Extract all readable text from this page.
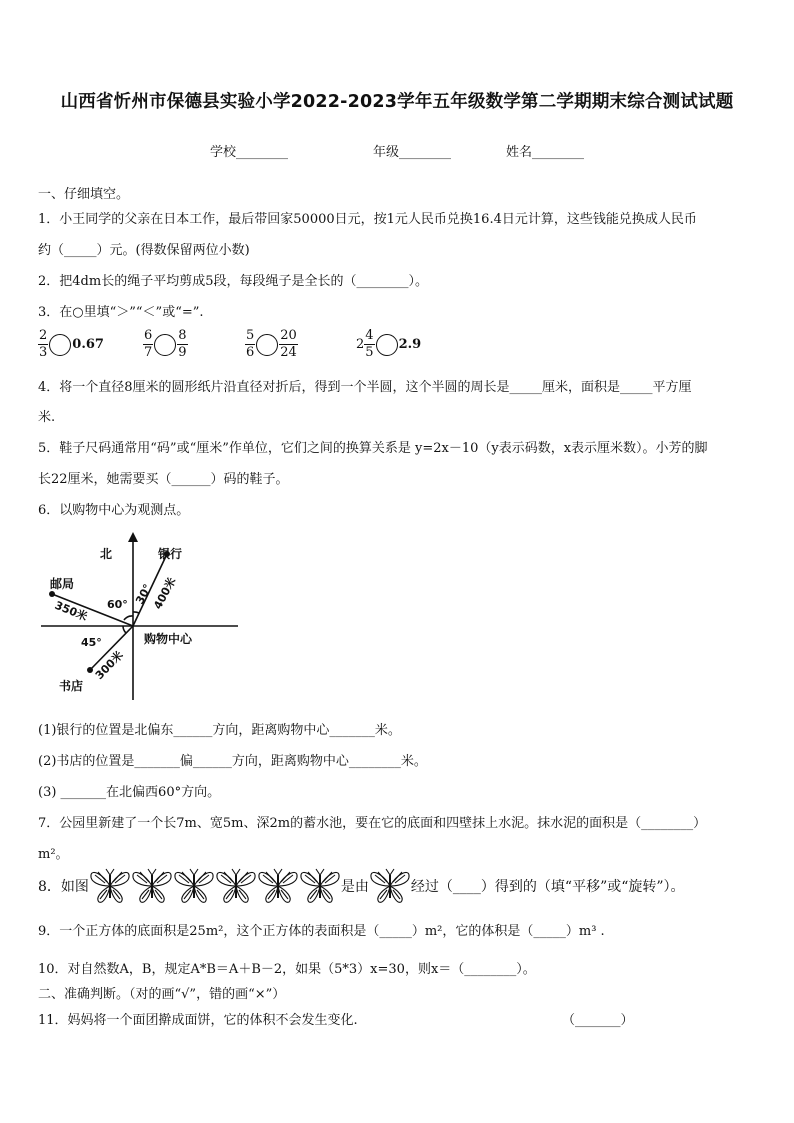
山西省忻州市保德县实验小学2022-2023学年五年级数学第二学期期末综合测试试题
学校________	年级________	姓名________
一、仔细填空。
1．小王同学的父亲在日本工作，最后带回家50000日元，按1元人民币兑换16.4日元计算，这些钱能兑换成人民币
约（_____）元。(得数保留两位小数)
2．把4dm长的绳子平均剪成5段，每段绳子是全长的（________）。
3．在○里填“＞”“＜”或“=”.
$\frac{2}{3} 0.67$	$\frac{6}{7} \frac{8}{9}$	$\frac{5}{6} \frac{20}{24}$	$2 \frac{4}{5} 2.9$
4．将一个直径8厘米的圆形纸片沿直径对折后，得到一个半圆，这个半圆的周长是_____厘米，面积是_____平方厘
米.
5．鞋子尺码通常用“码”或“厘米”作单位，它们之间的换算关系是 y=2x－10（y表示码数，x表示厘米数）。小芳的脚
长22厘米，她需要买（______）码的鞋子。
6．以购物中心为观测点。
北	银行
邮局
书店
购物中心
60°
45°
30°
400米
350米
300米
(1)银行的位置是北偏东______方向，距离购物中心_______米。
(2)书店的位置是_______偏______方向，距离购物中心________米。
(3) _______在北偏西60°方向。
7．公园里新建了一个长7m、宽5m、深2m的蓄水池，要在它的底面和四壁抹上水泥。抹水泥的面积是（________）
m²。
8．如图	是由	经过（____）得到的（填“平移”或“旋转”）。
9．一个正方体的底面积是25m²，这个正方体的表面积是（_____）m²，它的体积是（_____）m³ .
10．对自然数A，B，规定A*B＝A＋B－2，如果（5*3）x=30，则x＝（________）。
二、准确判断。（对的画“√”，错的画“×”）
11．妈妈将一个面团擀成面饼，它的体积不会发生变化.	（_______）
